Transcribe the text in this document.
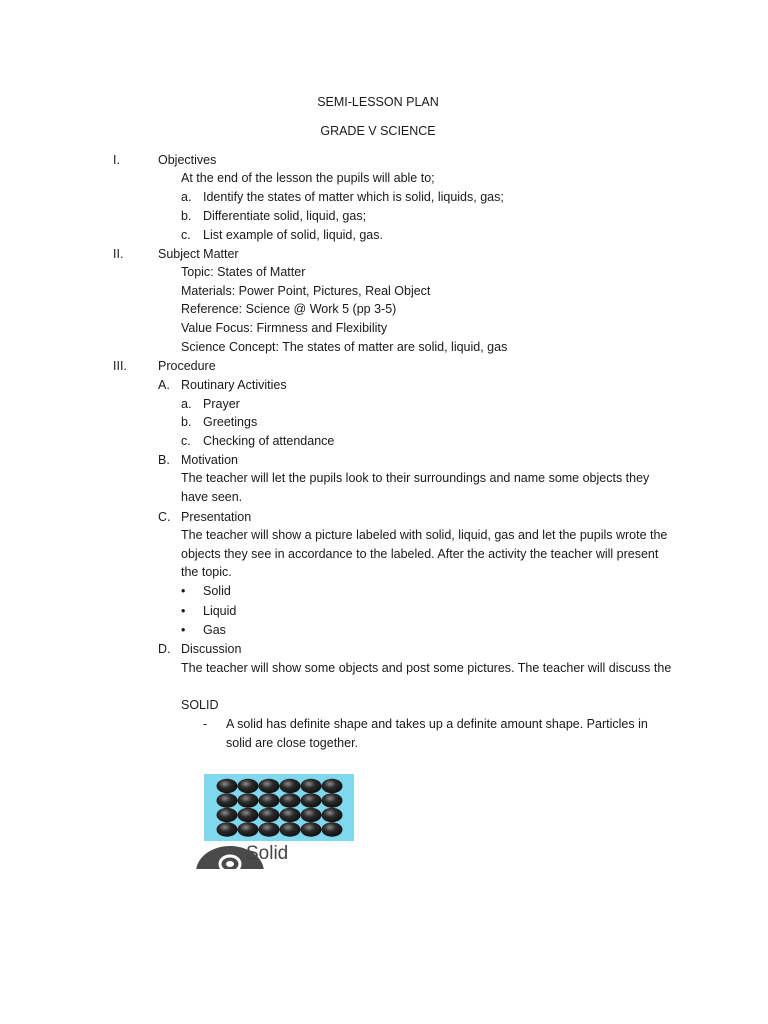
SEMI-LESSON PLAN
GRADE V SCIENCE
I.	Objectives
At the end of the lesson the pupils will able to;
a. Identify the states of matter which is solid, liquids, gas;
b. Differentiate solid, liquid, gas;
c. List example of solid, liquid, gas.
II.	Subject Matter
Topic: States of Matter
Materials: Power Point, Pictures, Real Object
Reference: Science @ Work 5 (pp 3-5)
Value Focus: Firmness and Flexibility
Science Concept: The states of matter are solid, liquid, gas
III. Procedure
A. Routinary Activities
a. Prayer
b. Greetings
c. Checking of attendance
B. Motivation
The teacher will let the pupils look to their surroundings and name some objects they have seen.
C. Presentation
The teacher will show a picture labeled with solid, liquid, gas and let the pupils wrote the objects they see in accordance to the labeled. After the activity the teacher will present the topic.
• Solid
• Liquid
• Gas
D. Discussion
The teacher will show some objects and post some pictures. The teacher will discuss the
SOLID
- A solid has definite shape and takes up a definite amount shape. Particles in solid are close together.
Solid
